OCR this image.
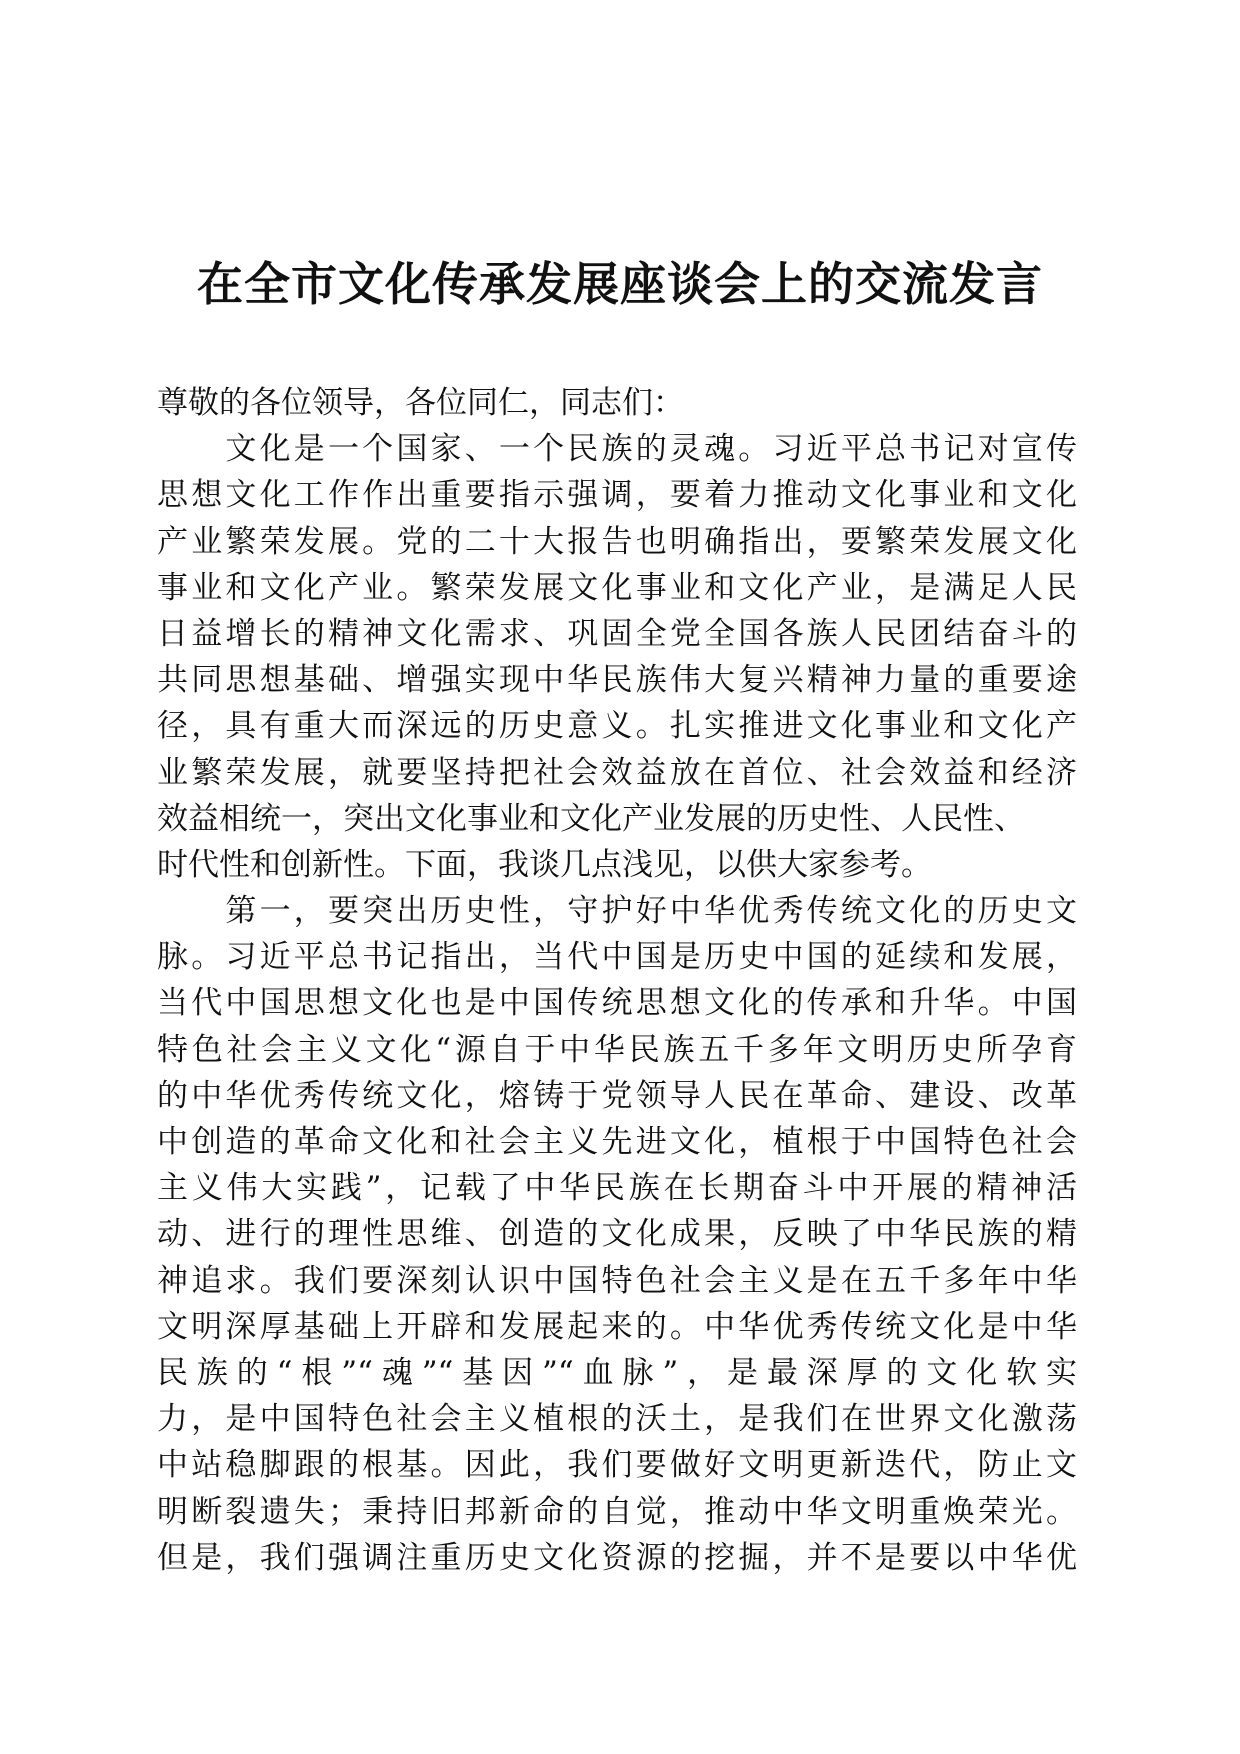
在全市文化传承发展座谈会上的交流发言
尊敬的各位领导，各位同仁，同志们：
　　文化是一个国家、一个民族的灵魂。习近平总书记对宣传
思想文化工作作出重要指示强调，要着力推动文化事业和文化
产业繁荣发展。党的二十大报告也明确指出，要繁荣发展文化
事业和文化产业。繁荣发展文化事业和文化产业，是满足人民
日益增长的精神文化需求、巩固全党全国各族人民团结奋斗的
共同思想基础、增强实现中华民族伟大复兴精神力量的重要途
径，具有重大而深远的历史意义。扎实推进文化事业和文化产
业繁荣发展，就要坚持把社会效益放在首位、社会效益和经济
效益相统一，突出文化事业和文化产业发展的历史性、人民性、
时代性和创新性。下面，我谈几点浅见，以供大家参考。
　　第一，要突出历史性，守护好中华优秀传统文化的历史文
脉。习近平总书记指出，当代中国是历史中国的延续和发展，
当代中国思想文化也是中国传统思想文化的传承和升华。中国
特色社会主义文化“源自于中华民族五千多年文明历史所孕育
的中华优秀传统文化，熔铸于党领导人民在革命、建设、改革
中创造的革命文化和社会主义先进文化，植根于中国特色社会
主义伟大实践”，记载了中华民族在长期奋斗中开展的精神活
动、进行的理性思维、创造的文化成果，反映了中华民族的精
神追求。我们要深刻认识中国特色社会主义是在五千多年中华
文明深厚基础上开辟和发展起来的。中华优秀传统文化是中华
民族的“根”“魂”“基因”“血脉”，是最深厚的文化软实
力，是中国特色社会主义植根的沃土，是我们在世界文化激荡
中站稳脚跟的根基。因此，我们要做好文明更新迭代，防止文
明断裂遗失；秉持旧邦新命的自觉，推动中华文明重焕荣光。
但是，我们强调注重历史文化资源的挖掘，并不是要以中华优
